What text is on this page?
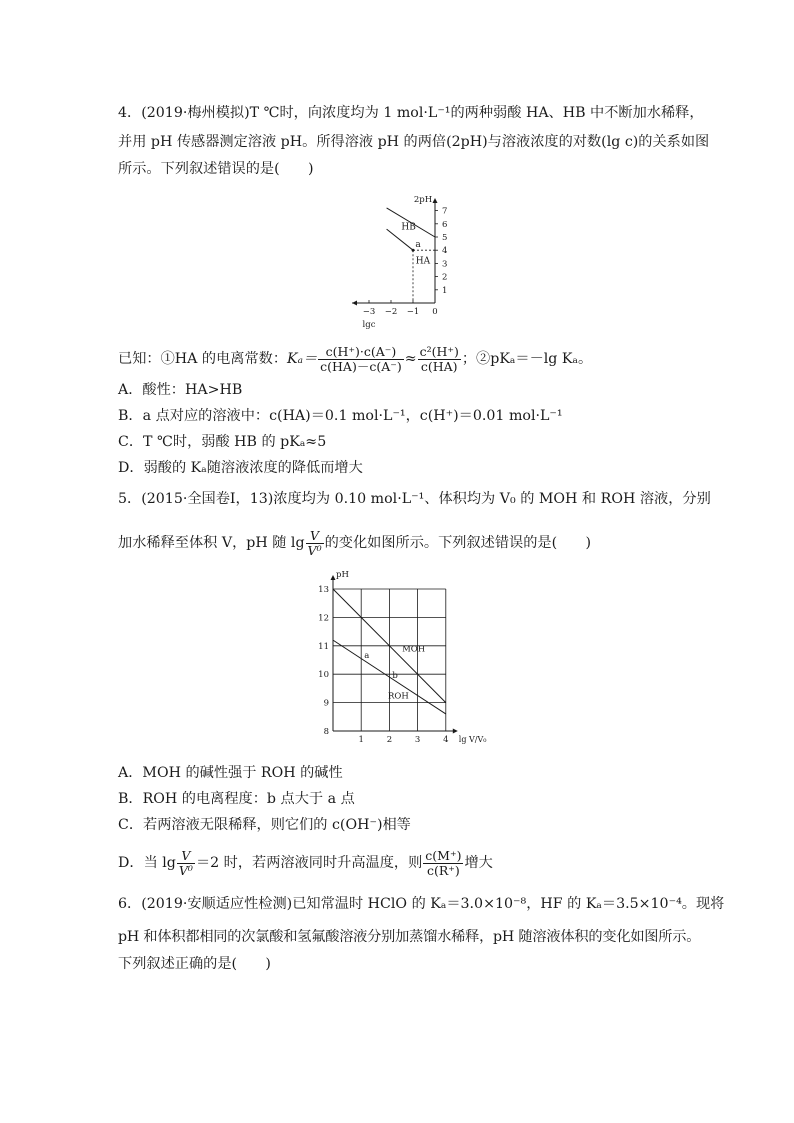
4．(2019·梅州模拟)T ℃时，向浓度均为 1 mol·L⁻¹的两种弱酸 HA、HB 中不断加水稀释，
并用 pH 传感器测定溶液 pH。所得溶液 pH 的两倍(2pH)与溶液浓度的对数(lg c)的关系如图
所示。下列叙述错误的是(　　)
1
2
3
4
5
6
7
−3 −2 −1 0
2pH
lgc
HB
HA
a
已知：①HA 的电离常数：$K_a= \frac{c(H^+)\cdot c(A^-)}{c(HA)-c(A^-)} \approx \frac{\text{c²(H⁺)}}{c(HA)}$ ；②pKₐ＝－lg Kₐ。
A．酸性：HA>HB
B．a 点对应的溶液中：c(HA)＝0.1 mol·L⁻¹，c(H⁺)＝0.01 mol·L⁻¹
C．T ℃时，弱酸 HB 的 pKₐ≈5
D．弱酸的 Kₐ随溶液浓度的降低而增大
5．(2015·全国卷Ⅰ，13)浓度均为 0.10 mol·L⁻¹、体积均为 V₀ 的 MOH 和 ROH 溶液，分别
加水稀释至体积 V，pH 随 $\lg \frac{V}{\text{V⁰}}$ 的变化如图所示。下列叙述错误的是(　　)
8
9
10
11
12
13
1	2	3	4
pH
lg V/V₀
MOH
ROH
a
b
A．MOH 的碱性强于 ROH 的碱性
B．ROH 的电离程度：b 点大于 a 点
C．若两溶液无限稀释，则它们的 c(OH⁻)相等
D．当 $\lg \frac{V}{\text{V⁰}} =2$ 时，若两溶液同时升高温度，则 $\frac{c(M^+)}{c(R^+)}$ 增大
6．(2019·安顺适应性检测)已知常温时 HClO 的 Kₐ＝3.0×10⁻⁸，HF 的 Kₐ＝3.5×10⁻⁴。现将
pH 和体积都相同的次氯酸和氢氟酸溶液分别加蒸馏水稀释，pH 随溶液体积的变化如图所示。
下列叙述正确的是(　　)
